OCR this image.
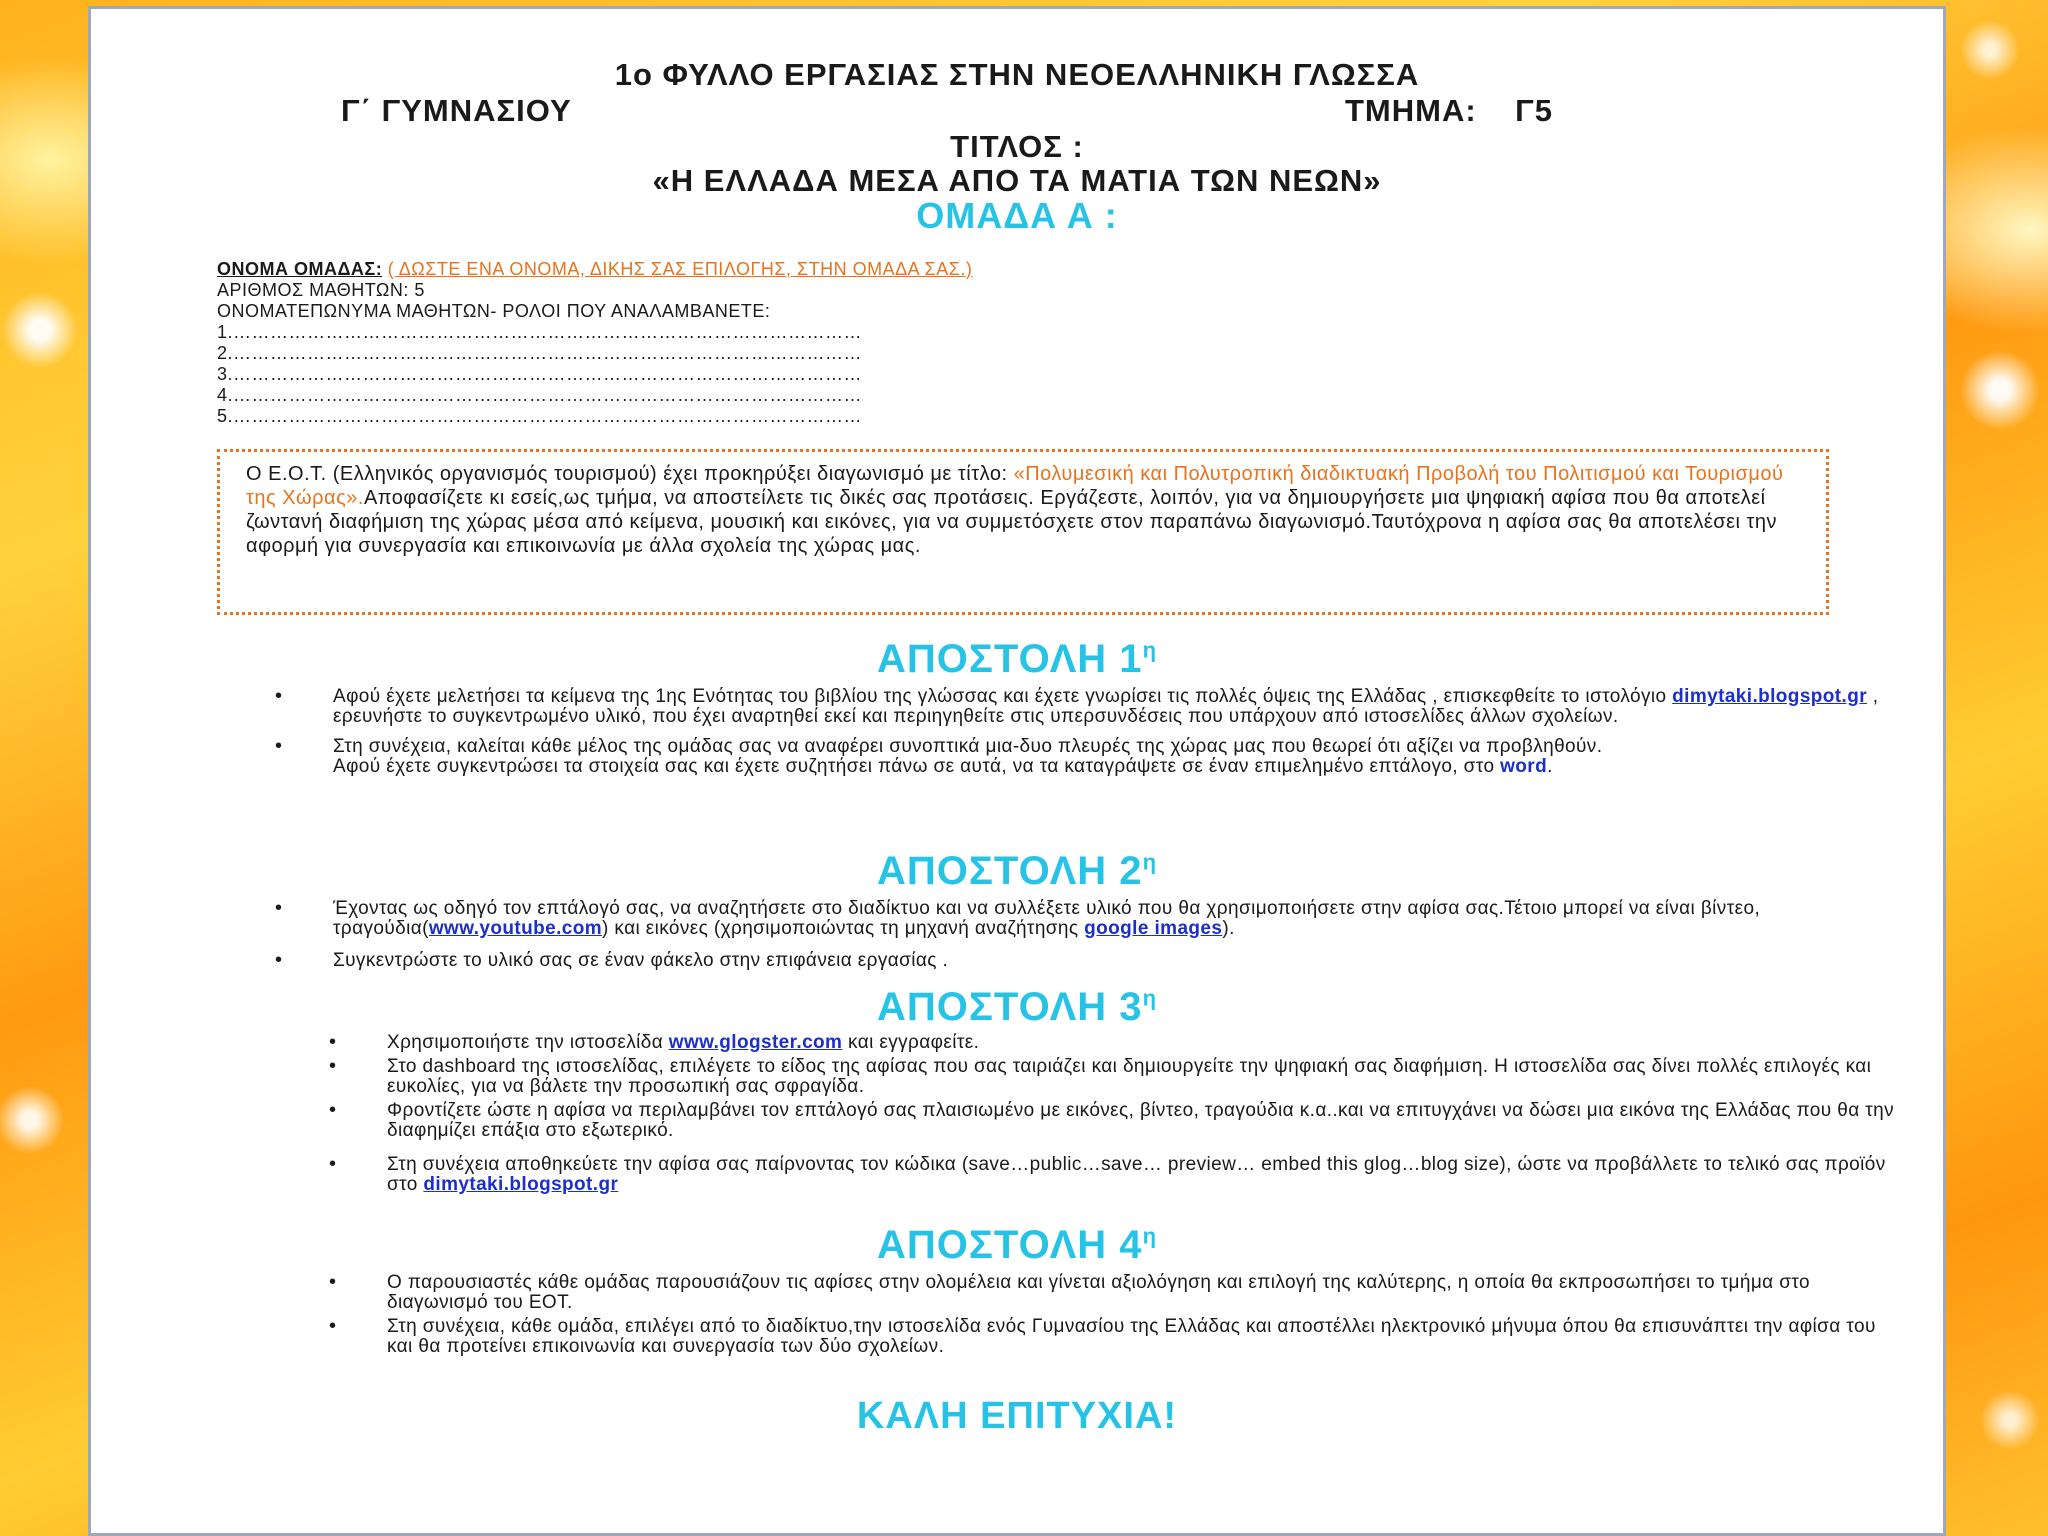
1ο ΦΥΛΛΟ ΕΡΓΑΣΙΑΣ ΣΤΗΝ ΝΕΟΕΛΛΗΝΙΚΗ ΓΛΩΣΣΑ
Γ΄ ΓΥΜΝΑΣΙΟΥ	ΤΜΗΜΑ:    Γ5
ΤΙΤΛΟΣ :
«Η ΕΛΛΑΔΑ ΜΕΣΑ ΑΠΟ ΤΑ ΜΑΤΙΑ ΤΩΝ ΝΕΩΝ»
ΟΜΑΔΑ Α :
ΟΝΟΜΑ ΟΜΑΔΑΣ: ( ΔΩΣΤΕ ΕΝΑ ΟΝΟΜΑ, ΔΙΚΗΣ ΣΑΣ ΕΠΙΛΟΓΗΣ, ΣΤΗΝ ΟΜΑΔΑ ΣΑΣ.)
ΑΡΙΘΜΟΣ ΜΑΘΗΤΩΝ: 5
ΟΝΟΜΑΤΕΠΩΝΥΜΑ ΜΑΘΗΤΩΝ- ΡΟΛΟΙ ΠΟΥ ΑΝΑΛΑΜΒΑΝΕΤΕ:
1.…………………………………………………………………………………………
2.…………………………………………………………………………………………
3.…………………………………………………………………………………………
4.…………………………………………………………………………………………
5.…………………………………………………………………………………………
Ο Ε.Ο.Τ. (Ελληνικός οργανισμός τουρισμού) έχει προκηρύξει διαγωνισμό με τίτλο: «Πολυμεσική και Πολυτροπική διαδικτυακή Προβολή του Πολιτισμού και Τουρισμού της Χώρας».Αποφασίζετε κι εσείς,ως τμήμα, να αποστείλετε τις δικές σας προτάσεις. Εργάζεστε, λοιπόν, για να δημιουργήσετε μια ψηφιακή αφίσα που θα αποτελεί ζωντανή διαφήμιση της χώρας μέσα από κείμενα, μουσική και εικόνες, για να συμμετόσχετε στον παραπάνω διαγωνισμό.Ταυτόχρονα η αφίσα σας θα αποτελέσει την αφορμή για συνεργασία και επικοινωνία με άλλα σχολεία της χώρας μας.
ΑΠΟΣΤΟΛΗ $1^\eta$
•	Αφού έχετε μελετήσει τα κείμενα της 1ης Ενότητας του βιβλίου της γλώσσας και έχετε γνωρίσει τις πολλές όψεις της Ελλάδας , επισκεφθείτε το ιστολόγιο dimytaki.blogspot.gr , ερευνήστε το συγκεντρωμένο υλικό, που έχει αναρτηθεί εκεί και περιηγηθείτε στις υπερσυνδέσεις που υπάρχουν από ιστοσελίδες άλλων σχολείων.
•	Στη συνέχεια, καλείται κάθε μέλος της ομάδας σας να αναφέρει συνοπτικά μια-δυο πλευρές της χώρας μας που θεωρεί ότι αξίζει να προβληθούν.
Αφού έχετε συγκεντρώσει τα στοιχεία σας και έχετε συζητήσει πάνω σε αυτά, να τα καταγράψετε σε έναν επιμελημένο επτάλογο, στο word.
ΑΠΟΣΤΟΛΗ $2^\eta$
•	Έχοντας ως οδηγό τον επτάλογό σας, να αναζητήσετε στο διαδίκτυο και να συλλέξετε υλικό που θα χρησιμοποιήσετε στην αφίσα σας.Τέτοιο μπορεί να είναι βίντεο, τραγούδια(www.youtube.com) και εικόνες (χρησιμοποιώντας τη μηχανή αναζήτησης google images).
•	Συγκεντρώστε το υλικό σας σε έναν φάκελο στην επιφάνεια εργασίας .
ΑΠΟΣΤΟΛΗ $3^\eta$
•	Χρησιμοποιήστε την ιστοσελίδα www.glogster.com και εγγραφείτε.
•	Στο dashboard της ιστοσελίδας, επιλέγετε το είδος της αφίσας που σας ταιριάζει και δημιουργείτε την ψηφιακή σας διαφήμιση. Η ιστοσελίδα σας δίνει πολλές επιλογές και ευκολίες, για να βάλετε την προσωπική σας σφραγίδα.
•	Φροντίζετε ώστε η αφίσα να περιλαμβάνει τον επτάλογό σας πλαισιωμένο με εικόνες, βίντεο, τραγούδια κ.α..και να επιτυγχάνει να δώσει μια εικόνα της Ελλάδας που θα την διαφημίζει επάξια στο εξωτερικό.
•	Στη συνέχεια αποθηκεύετε την αφίσα σας παίρνοντας τον κώδικα (save…public…save… preview… embed this glog…blog size), ώστε να προβάλλετε το τελικό σας προϊόν στο dimytaki.blogspot.gr
ΑΠΟΣΤΟΛΗ $4^\eta$
•	Ο παρουσιαστές κάθε ομάδας παρουσιάζουν τις αφίσες στην ολομέλεια και γίνεται αξιολόγηση και επιλογή της καλύτερης, η οποία θα εκπροσωπήσει το τμήμα στο διαγωνισμό του ΕΟΤ.
•	Στη συνέχεια, κάθε ομάδα, επιλέγει από το διαδίκτυο,την ιστοσελίδα ενός Γυμνασίου της Ελλάδας και αποστέλλει ηλεκτρονικό μήνυμα όπου θα επισυνάπτει την αφίσα του και θα προτείνει επικοινωνία και συνεργασία των δύο σχολείων.
ΚΑΛΗ ΕΠΙΤΥΧΙΑ!
